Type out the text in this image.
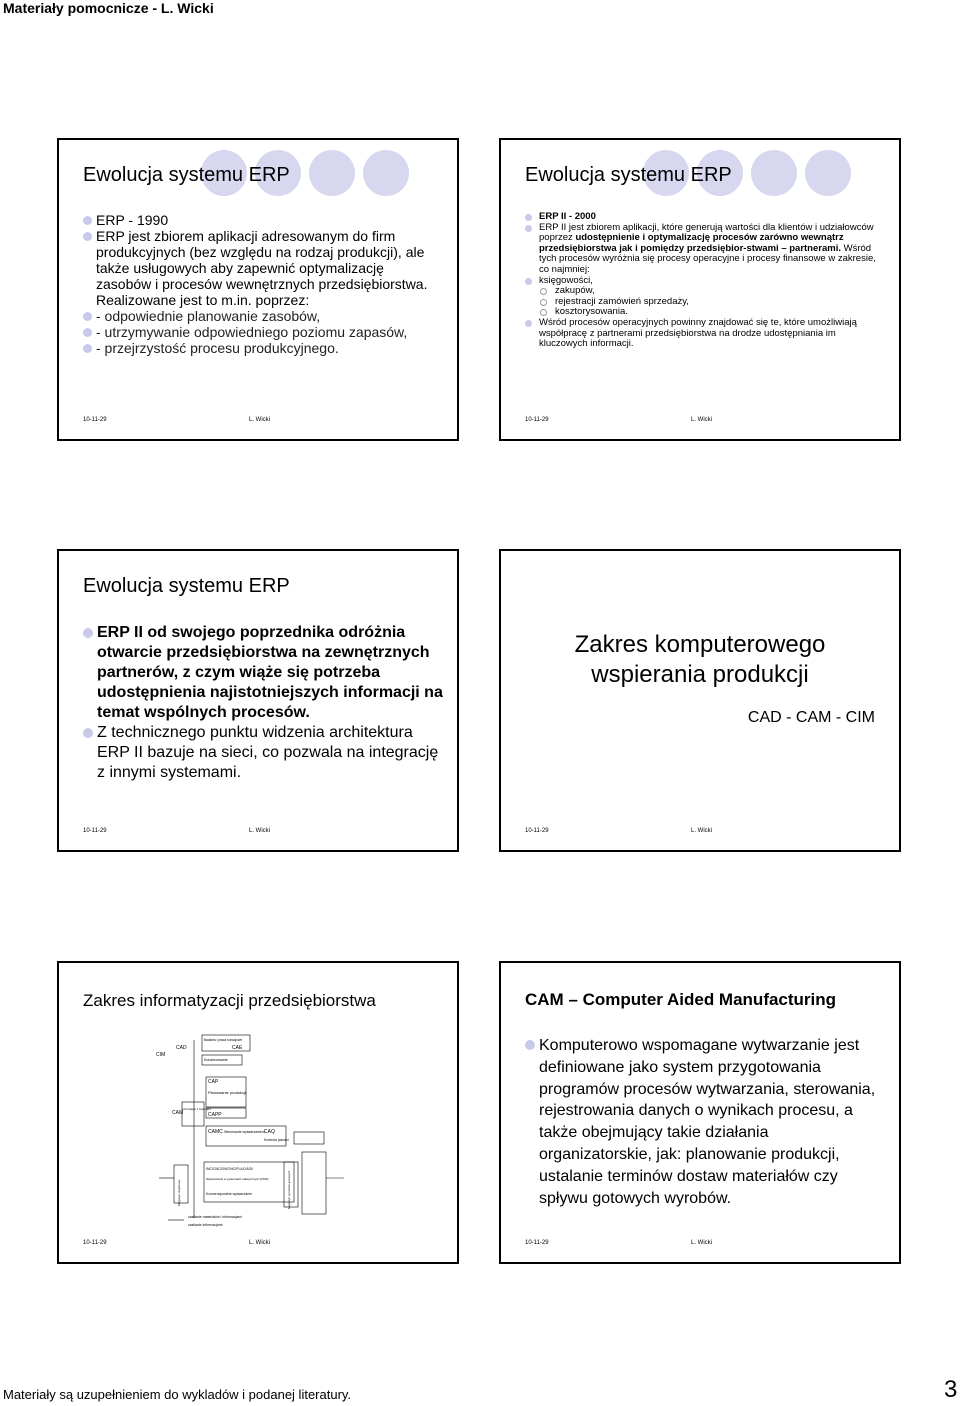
Materiały pomocnicze - L. Wicki
Ewolucja systemu ERP
ERP - 1990
ERP jest zbiorem aplikacji adresowanym do firm produkcyjnych (bez względu na rodzaj produkcji), ale także usługowych aby zapewnić optymalizację zasobów i procesów wewnętrznych przedsiębiorstwa. Realizowane jest to m.in. poprzez:
- odpowiednie planowanie zasobów,
- utrzymywanie odpowiedniego poziomu zapasów,
- przejrzystość procesu produkcyjnego.
10-11-29	L. Wicki
Ewolucja systemu ERP
ERP II - 2000
ERP II jest zbiorem aplikacji, które generują wartości dla klientów i udziałowców poprzez udostępnienie i optymalizację procesów zarówno wewnątrz przedsiębiorstwa jak i pomiędzy przedsiębior-stwami – partnerami. Wśród tych procesów wyróżnia się procesy operacyjne i procesy finansowe w zakresie, co najmniej:
księgowości,
zakupów,
rejestracji zamówień sprzedaży,
kosztorysowania.
Wśród procesów operacyjnych powinny znajdować się te, które umożliwiają współpracę z partnerami przedsiębiorstwa na drodze udostępniania im kluczowych informacji.
10-11-29	L. Wicki
Ewolucja systemu ERP
ERP II od swojego poprzednika odróżnia otwarcie przedsiębiorstwa na zewnętrznych partnerów, z czym wiąże się potrzeba udostępnienia najistotniejszych informacji na temat wspólnych procesów.
Z technicznego punktu widzenia architektura ERP II bazuje na sieci, co pozwala na integrację z innymi systemami.
10-11-29	L. Wicki
Zakres komputerowego
wspierania produkcji
CAD - CAM - CIM
10-11-29	L. Wicki
Zakres informatyzacji przedsiębiorstwa
CIM
CAD
CAM
Badania i praca rozwojowe
CAE
Konstruowanie
CAP
Planowanie produkcji
CAPP
CAMC Sterowanie wytwarzaniem CAQ
Kontrola jakości
INC/CNC/DNC/NC/PLAC/ASV
Wytwarzanie w systemach elastycznych (FMS)
Konwencjonalne wytwarzanie
informacje z zewnątrz
Magazyn wejściowy	Magazyn wyrobów gotowych
zasilanie materiałów i informacjami
zasilanie informacjami
10-11-29	L. Wicki
CAM – Computer Aided Manufacturing
Komputerowo wspomagane wytwarzanie jest definiowane jako system przygotowania programów procesów wytwarzania, sterowania, rejestrowania danych o wynikach procesu, a także obejmujący takie działania organizatorskie, jak: planowanie produkcji, ustalanie terminów dostaw materiałów czy spływu gotowych wyrobów.
10-11-29	L. Wicki
Materiały są uzupełnieniem do wykladów i podanej literatury.	3
